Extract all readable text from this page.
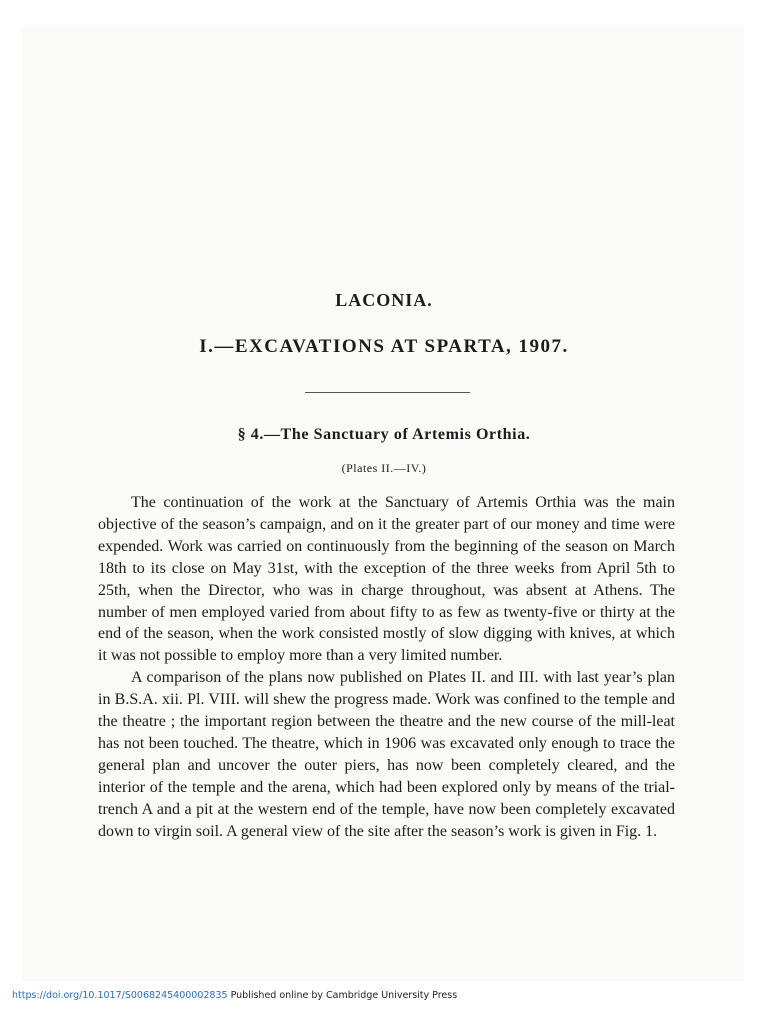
LACONIA.
I.—EXCAVATIONS AT SPARTA, 1907.
§ 4.—The Sanctuary of Artemis Orthia.
(Plates II.—IV.)

The continuation of the work at the Sanctuary of Artemis Orthia was the main objective of the season’s campaign, and on it the greater part of our money and time were expended. Work was carried on continuously from the beginning of the season on March 18th to its close on May 31st, with the exception of the three weeks from April 5th to 25th, when the Director, who was in charge throughout, was absent at Athens. The number of men employed varied from about fifty to as few as twenty-five or thirty at the end of the season, when the work consisted mostly of slow digging with knives, at which it was not possible to employ more than a very limited number.

A comparison of the plans now published on Plates II. and III. with last year’s plan in B.S.A. xii. Pl. VIII. will shew the progress made. Work was confined to the temple and the theatre ; the important region between the theatre and the new course of the mill-leat has not been touched. The theatre, which in 1906 was excavated only enough to trace the general plan and uncover the outer piers, has now been completely cleared, and the interior of the temple and the arena, which had been explored only by means of the trial-trench A and a pit at the western end of the temple, have now been completely excavated down to virgin soil. A general view of the site after the season’s work is given in Fig. 1.

https://doi.org/10.1017/S0068245400002835 Published online by Cambridge University Press
